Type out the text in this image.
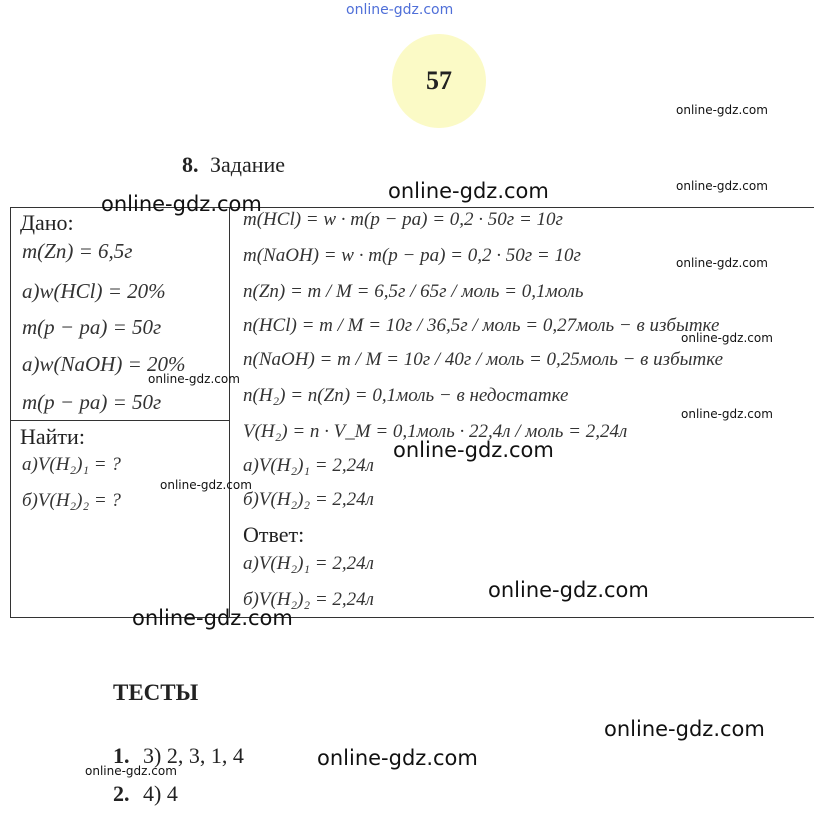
online-gdz.com
57
8. Задание
Дано:
m(Zn) = 6,5г
а)w(HCl) = 20%
m(p − pa) = 50г
а)w(NaOH) = 20%
m(p − pa) = 50г
Найти:
а)V(H₂)₁ = ?
б)V(H₂)₂ = ?
m(HCl) = w · m(p − pa) = 0,2 · 50г = 10г
m(NaOH) = w · m(p − pa) = 0,2 · 50г = 10г
n(Zn) = m / M = 6,5г / 65г / моль = 0,1моль
n(HCl) = m / M = 10г / 36,5г / моль = 0,27моль − в избытке
n(NaOH) = m / M = 10г / 40г / моль = 0,25моль − в избытке
n(H₂) = n(Zn) = 0,1моль − в недостатке
V(H₂) = n · V_M = 0,1моль · 22,4л / моль = 2,24л
а)V(H₂)₁ = 2,24л
б)V(H₂)₂ = 2,24л
Ответ:
а)V(H₂)₁ = 2,24л
б)V(H₂)₂ = 2,24л
ТЕСТЫ
1. 3) 2, 3, 1, 4
2. 4) 4
online-gdz.com
online-gdz.com
online-gdz.com
online-gdz.com
online-gdz.com
online-gdz.com
online-gdz.com
online-gdz.com
online-gdz.com
online-gdz.com
online-gdz.com
online-gdz.com
online-gdz.com
online-gdz.com
online-gdz.com
